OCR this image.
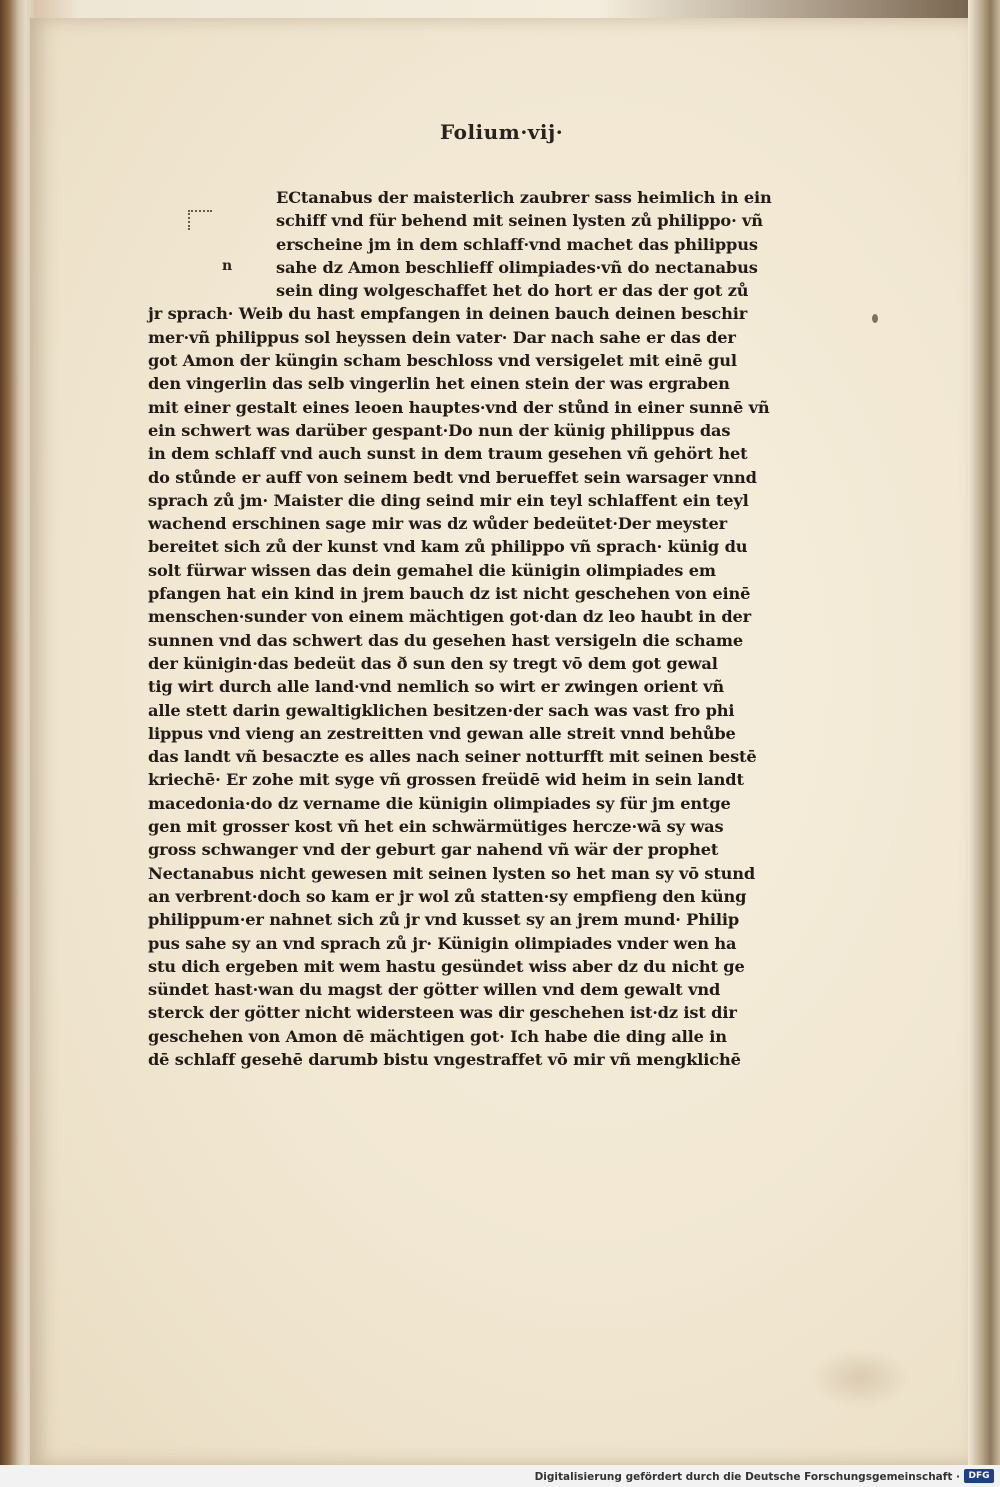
n

Folium·vij·

ECtanabus der maisterlich zaubrer sass heimlich in ein
schiff vnd für behend mit seinen lysten zů philippo· vñ
erscheine jm in dem schlaff·vnd machet das philippus
sahe dz Amon beschlieff olimpiades·vñ do nectanabus
sein ding wolgeschaffet het do hort er das der got zů
jr sprach· Weib du hast empfangen in deinen bauch deinen beschir
mer·vñ philippus sol heyssen dein vater· Dar nach sahe er das der
got Amon der küngin scham beschloss vnd versigelet mit einē gul
den vingerlin das selb vingerlin het einen stein der was ergraben
mit einer gestalt eines leoen hauptes·vnd der stůnd in einer sunnē vñ
ein schwert was darüber gespant·Do nun der künig philippus das
in dem schlaff vnd auch sunst in dem traum gesehen vñ gehört het
do stůnde er auff von seinem bedt vnd berueffet sein warsager vnnd
sprach zů jm· Maister die ding seind mir ein teyl schlaffent ein teyl
wachend erschinen sage mir was dz wůder bedeütet·Der meyster
bereitet sich zů der kunst vnd kam zů philippo vñ sprach· künig du
solt fürwar wissen das dein gemahel die künigin olimpiades em
pfangen hat ein kind in jrem bauch dz ist nicht geschehen von einē
menschen·sunder von einem mächtigen got·dan dz leo haubt in der
sunnen vnd das schwert das du gesehen hast versigeln die schame
der künigin·das bedeüt das ð sun den sy tregt vō dem got gewal
tig wirt durch alle land·vnd nemlich so wirt er zwingen orient vñ
alle stett darin gewaltigklichen besitzen·der sach was vast fro phi
lippus vnd vieng an zestreitten vnd gewan alle streit vnnd behůbe
das landt vñ besaczte es alles nach seiner notturfft mit seinen bestē
kriechē· Er zohe mit syge vñ grossen freüdē wid heim in sein landt
macedonia·do dz vername die künigin olimpiades sy für jm entge
gen mit grosser kost vñ het ein schwärmütiges hercze·wā sy was
gross schwanger vnd der geburt gar nahend vñ wär der prophet
Nectanabus nicht gewesen mit seinen lysten so het man sy vō stund
an verbrent·doch so kam er jr wol zů statten·sy empfieng den küng
philippum·er nahnet sich zů jr vnd kusset sy an jrem mund· Philip
pus sahe sy an vnd sprach zů jr· Künigin olimpiades vnder wen ha
stu dich ergeben mit wem hastu gesündet wiss aber dz du nicht ge
sündet hast·wan du magst der götter willen vnd dem gewalt vnd
sterck der götter nicht widersteen was dir geschehen ist·dz ist dir
geschehen von Amon dē mächtigen got· Ich habe die ding alle in
dē schlaff gesehē darumb bistu vngestraffet vō mir vñ mengklichē

Digitalisierung gefördert durch die Deutsche Forschungsgemeinschaft · DFG
